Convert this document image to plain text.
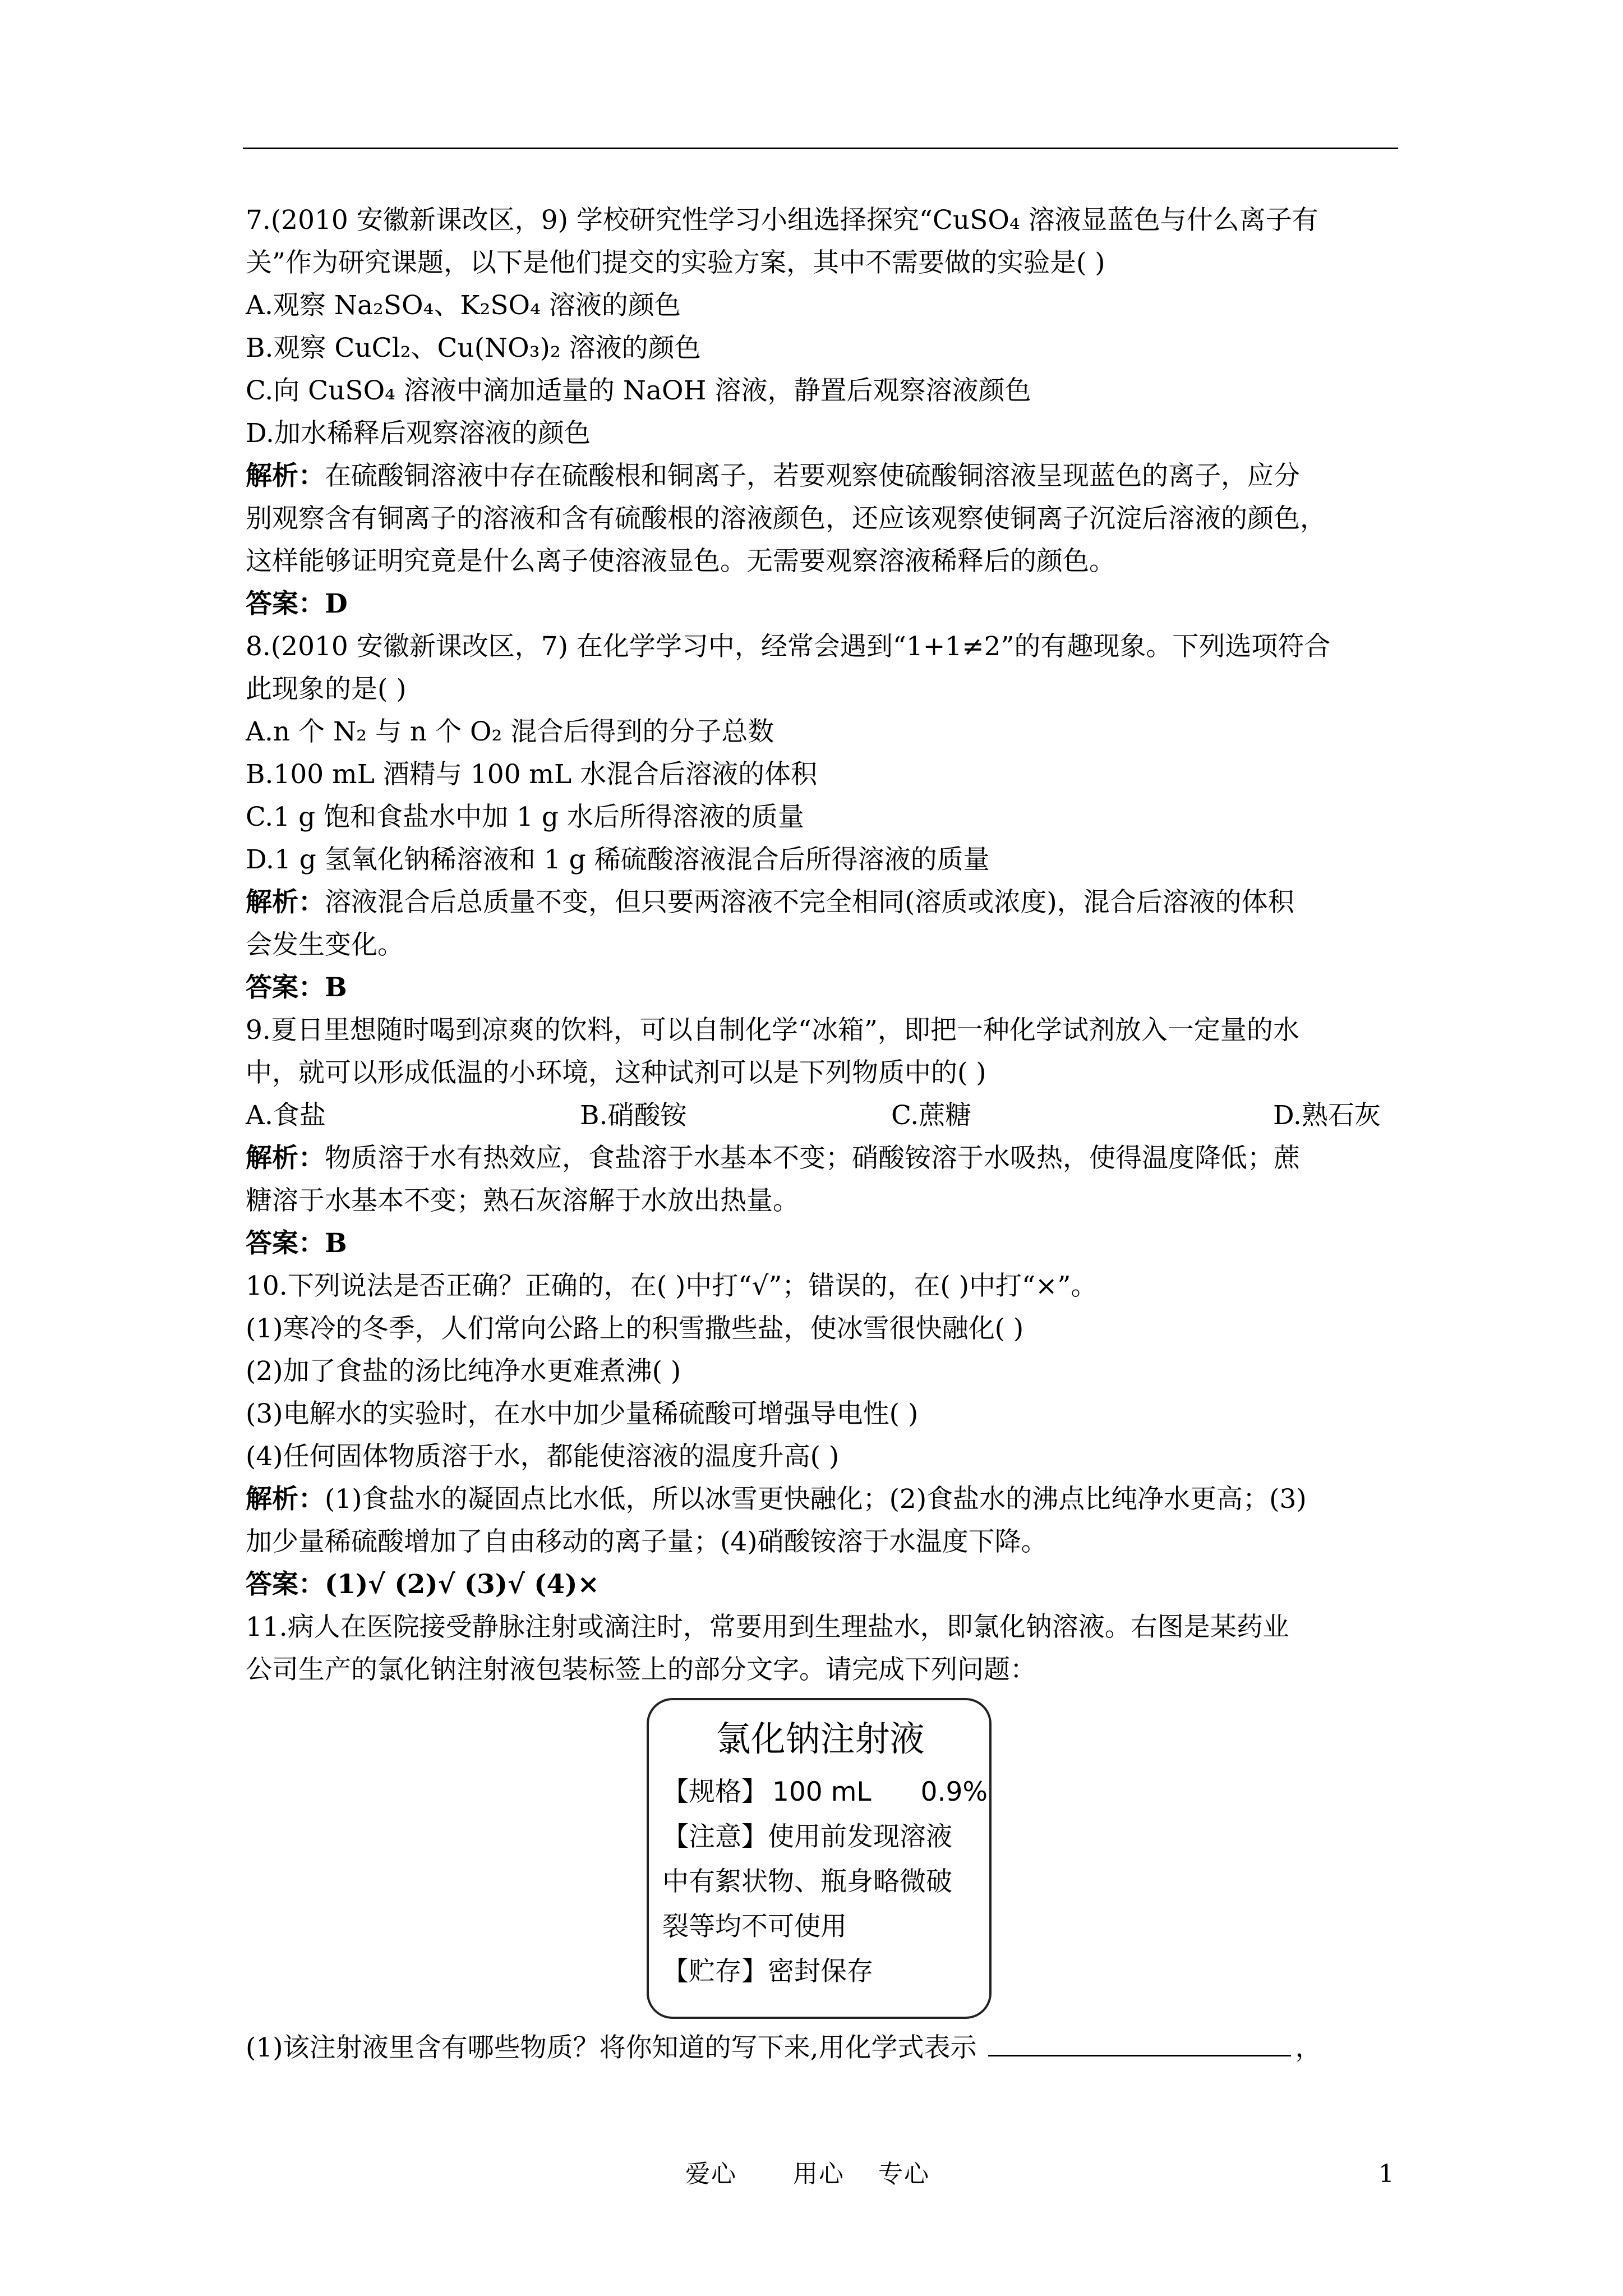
7.(2010 安徽新课改区，9) 学校研究性学习小组选择探究“CuSO₄ 溶液显蓝色与什么离子有
关”作为研究课题，以下是他们提交的实验方案，其中不需要做的实验是( )
A.观察 Na₂SO₄、K₂SO₄ 溶液的颜色
B.观察 CuCl₂、Cu(NO₃)₂ 溶液的颜色
C.向 CuSO₄ 溶液中滴加适量的 NaOH 溶液，静置后观察溶液颜色
D.加水稀释后观察溶液的颜色
解析：在硫酸铜溶液中存在硫酸根和铜离子，若要观察使硫酸铜溶液呈现蓝色的离子，应分
别观察含有铜离子的溶液和含有硫酸根的溶液颜色，还应该观察使铜离子沉淀后溶液的颜色，
这样能够证明究竟是什么离子使溶液显色。无需要观察溶液稀释后的颜色。
答案：D
8.(2010 安徽新课改区，7) 在化学学习中，经常会遇到“1+1≠2”的有趣现象。下列选项符合
此现象的是( )
A.n 个 N₂ 与 n 个 O₂ 混合后得到的分子总数
B.100 mL 酒精与 100 mL 水混合后溶液的体积
C.1 g 饱和食盐水中加 1 g 水后所得溶液的质量
D.1 g 氢氧化钠稀溶液和 1 g 稀硫酸溶液混合后所得溶液的质量
解析：溶液混合后总质量不变，但只要两溶液不完全相同(溶质或浓度)，混合后溶液的体积
会发生变化。
答案：B
9.夏日里想随时喝到凉爽的饮料，可以自制化学“冰箱”，即把一种化学试剂放入一定量的水
中，就可以形成低温的小环境，这种试剂可以是下列物质中的( )
A.食盐	B.硝酸铵	C.蔗糖	D.熟石灰
解析：物质溶于水有热效应，食盐溶于水基本不变；硝酸铵溶于水吸热，使得温度降低；蔗
糖溶于水基本不变；熟石灰溶解于水放出热量。
答案：B
10.下列说法是否正确？正确的，在( )中打“√”；错误的，在( )中打“×”。
(1)寒冷的冬季，人们常向公路上的积雪撒些盐，使冰雪很快融化( )
(2)加了食盐的汤比纯净水更难煮沸( )
(3)电解水的实验时，在水中加少量稀硫酸可增强导电性( )
(4)任何固体物质溶于水，都能使溶液的温度升高( )
解析：(1)食盐水的凝固点比水低，所以冰雪更快融化；(2)食盐水的沸点比纯净水更高；(3)
加少量稀硫酸增加了自由移动的离子量；(4)硝酸铵溶于水温度下降。
答案：(1)√ (2)√ (3)√ (4)×
11.病人在医院接受静脉注射或滴注时，常要用到生理盐水，即氯化钠溶液。右图是某药业
公司生产的氯化钠注射液包装标签上的部分文字。请完成下列问题：
氯化钠注射液
【规格】 100 mL 0.9%
【注意】使用前发现溶液
中有絮状物、瓶身略微破
裂等均不可使用
【贮存】密封保存
(1)该注射液里含有哪些物质？将你知道的写下来,用化学式表示	，
爱心 用心 专心	1
